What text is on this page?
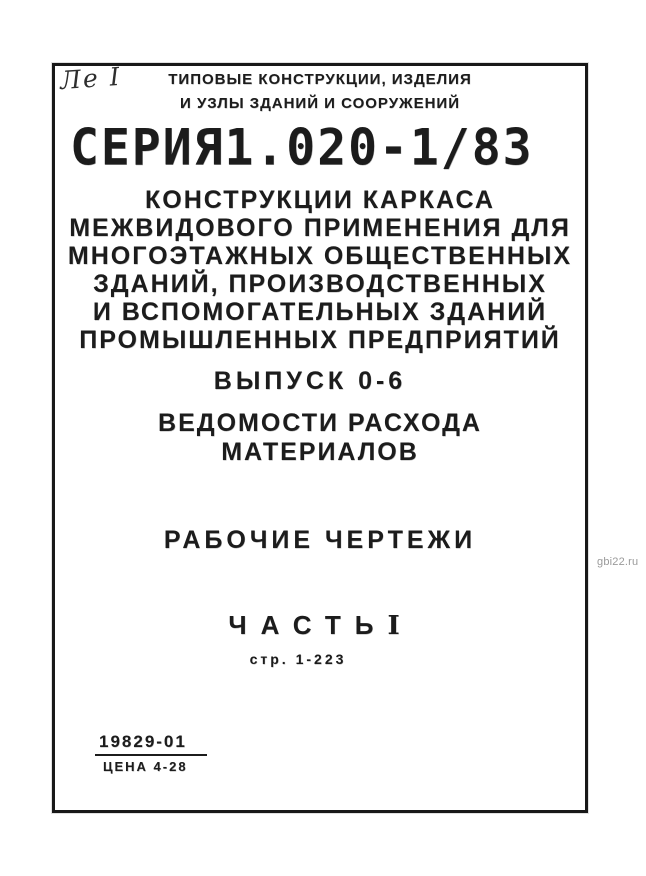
Ле I	ТИПОВЫЕ КОНСТРУКЦИИ, ИЗДЕЛИЯ
И УЗЛЫ ЗДАНИЙ И СООРУЖЕНИЙ
СЕРИЯ 1.020-1/83
КОНСТРУКЦИИ КАРКАСА
МЕЖВИДОВОГО ПРИМЕНЕНИЯ ДЛЯ
МНОГОЭТАЖНЫХ ОБЩЕСТВЕННЫХ
ЗДАНИЙ, ПРОИЗВОДСТВЕННЫХ
И ВСПОМОГАТЕЛЬНЫХ ЗДАНИЙ
ПРОМЫШЛЕННЫХ ПРЕДПРИЯТИЙ
ВЫПУСК 0-6
ВЕДОМОСТИ РАСХОДА
МАТЕРИАЛОВ
РАБОЧИЕ ЧЕРТЕЖИ
ЧАСТЬI
стр. 1-223
19829-01
ЦЕНА 4-28
gbi22.ru
